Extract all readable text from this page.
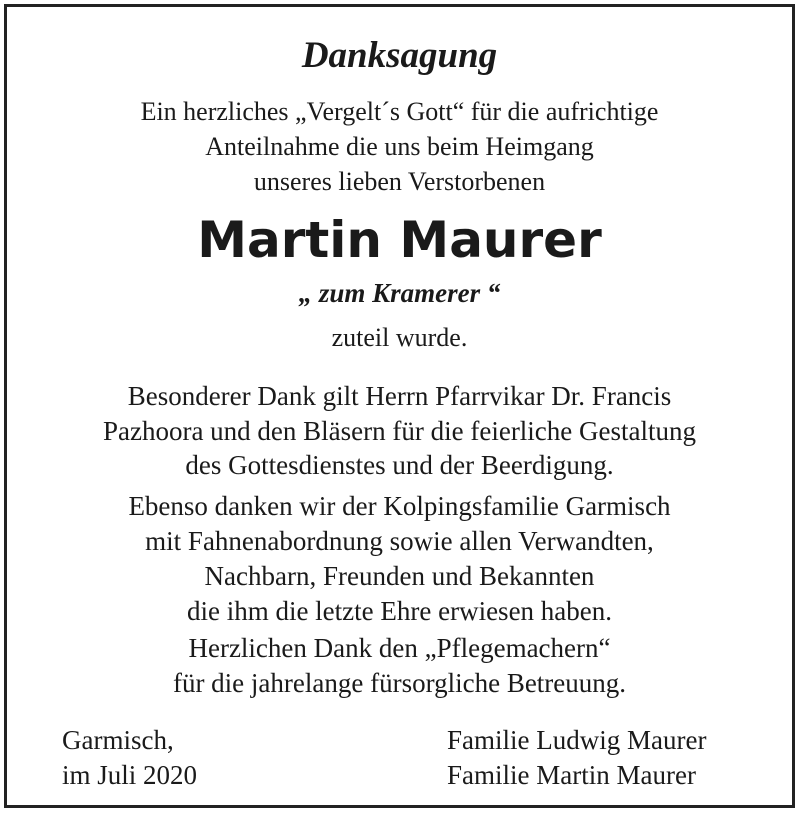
Danksagung
Ein herzliches „Vergelt´s Gott“ für die aufrichtige
Anteilnahme die uns beim Heimgang
unseres lieben Verstorbenen
Martin Maurer
„ zum Kramerer “
zuteil wurde.
Besonderer Dank gilt Herrn Pfarrvikar Dr. Francis
Pazhoora und den Bläsern für die feierliche Gestaltung
des Gottesdienstes und der Beerdigung.
Ebenso danken wir der Kolpingsfamilie Garmisch
mit Fahnenabordnung sowie allen Verwandten,
Nachbarn, Freunden und Bekannten
die ihm die letzte Ehre erwiesen haben.
Herzlichen Dank den „Pflegemachern“
für die jahrelange fürsorgliche Betreuung.
Garmisch,
im Juli 2020
Familie Ludwig Maurer
Familie Martin Maurer
